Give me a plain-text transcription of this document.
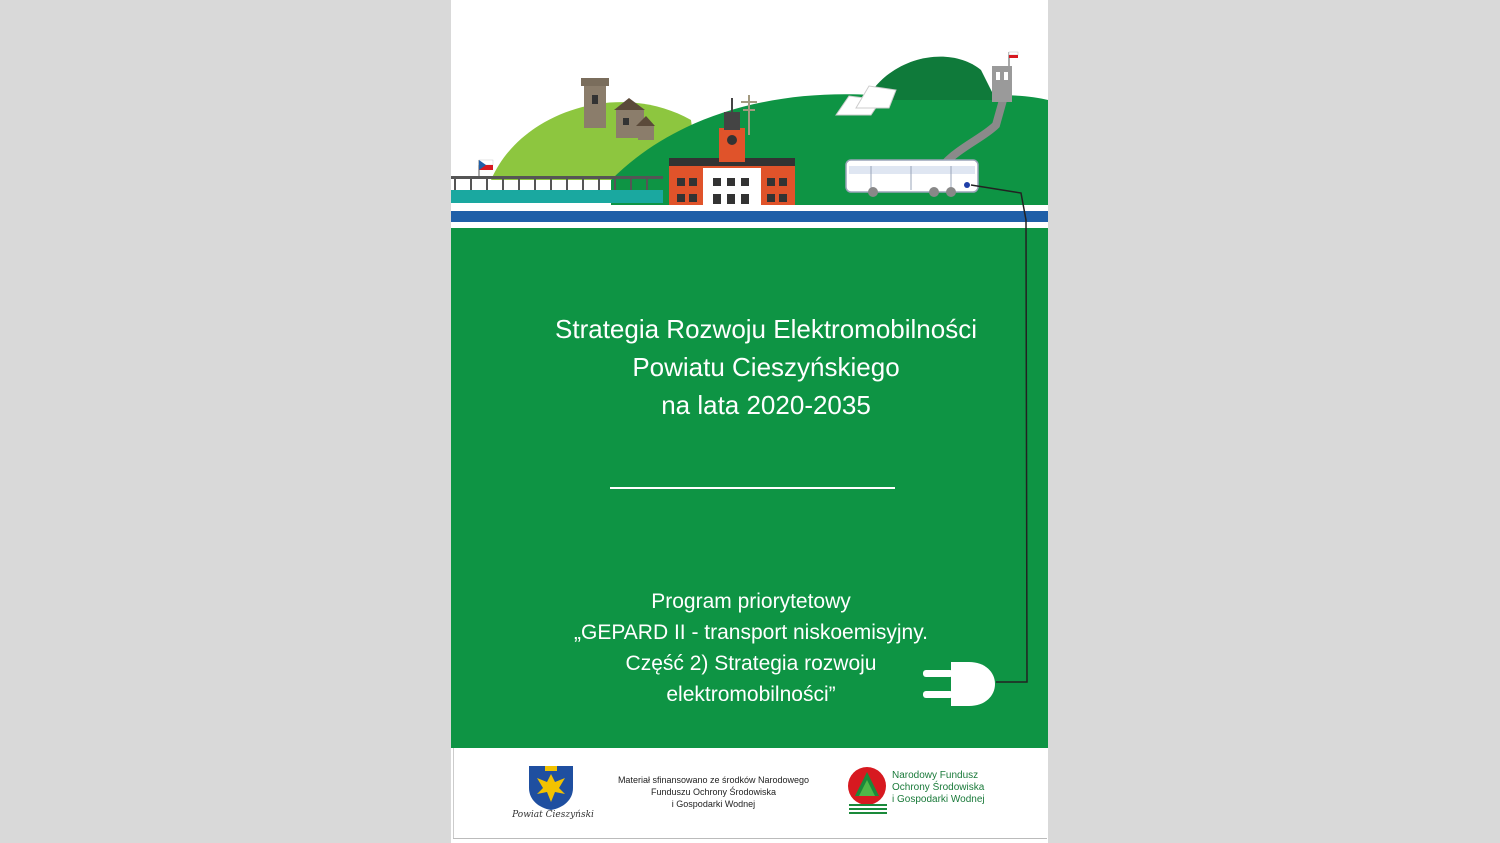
Strategia Rozwoju Elektromobilności
Powiatu Cieszyńskiego
na lata 2020-2035
Program priorytetowy
„GEPARD II - transport niskoemisyjny.
Część 2) Strategia rozwoju
elektromobilności”
Powiat Cieszyński
Materiał sfinansowano ze środków Narodowego
Funduszu Ochrony Środowiska
i Gospodarki Wodnej
Narodowy Fundusz
Ochrony Środowiska
i Gospodarki Wodnej
